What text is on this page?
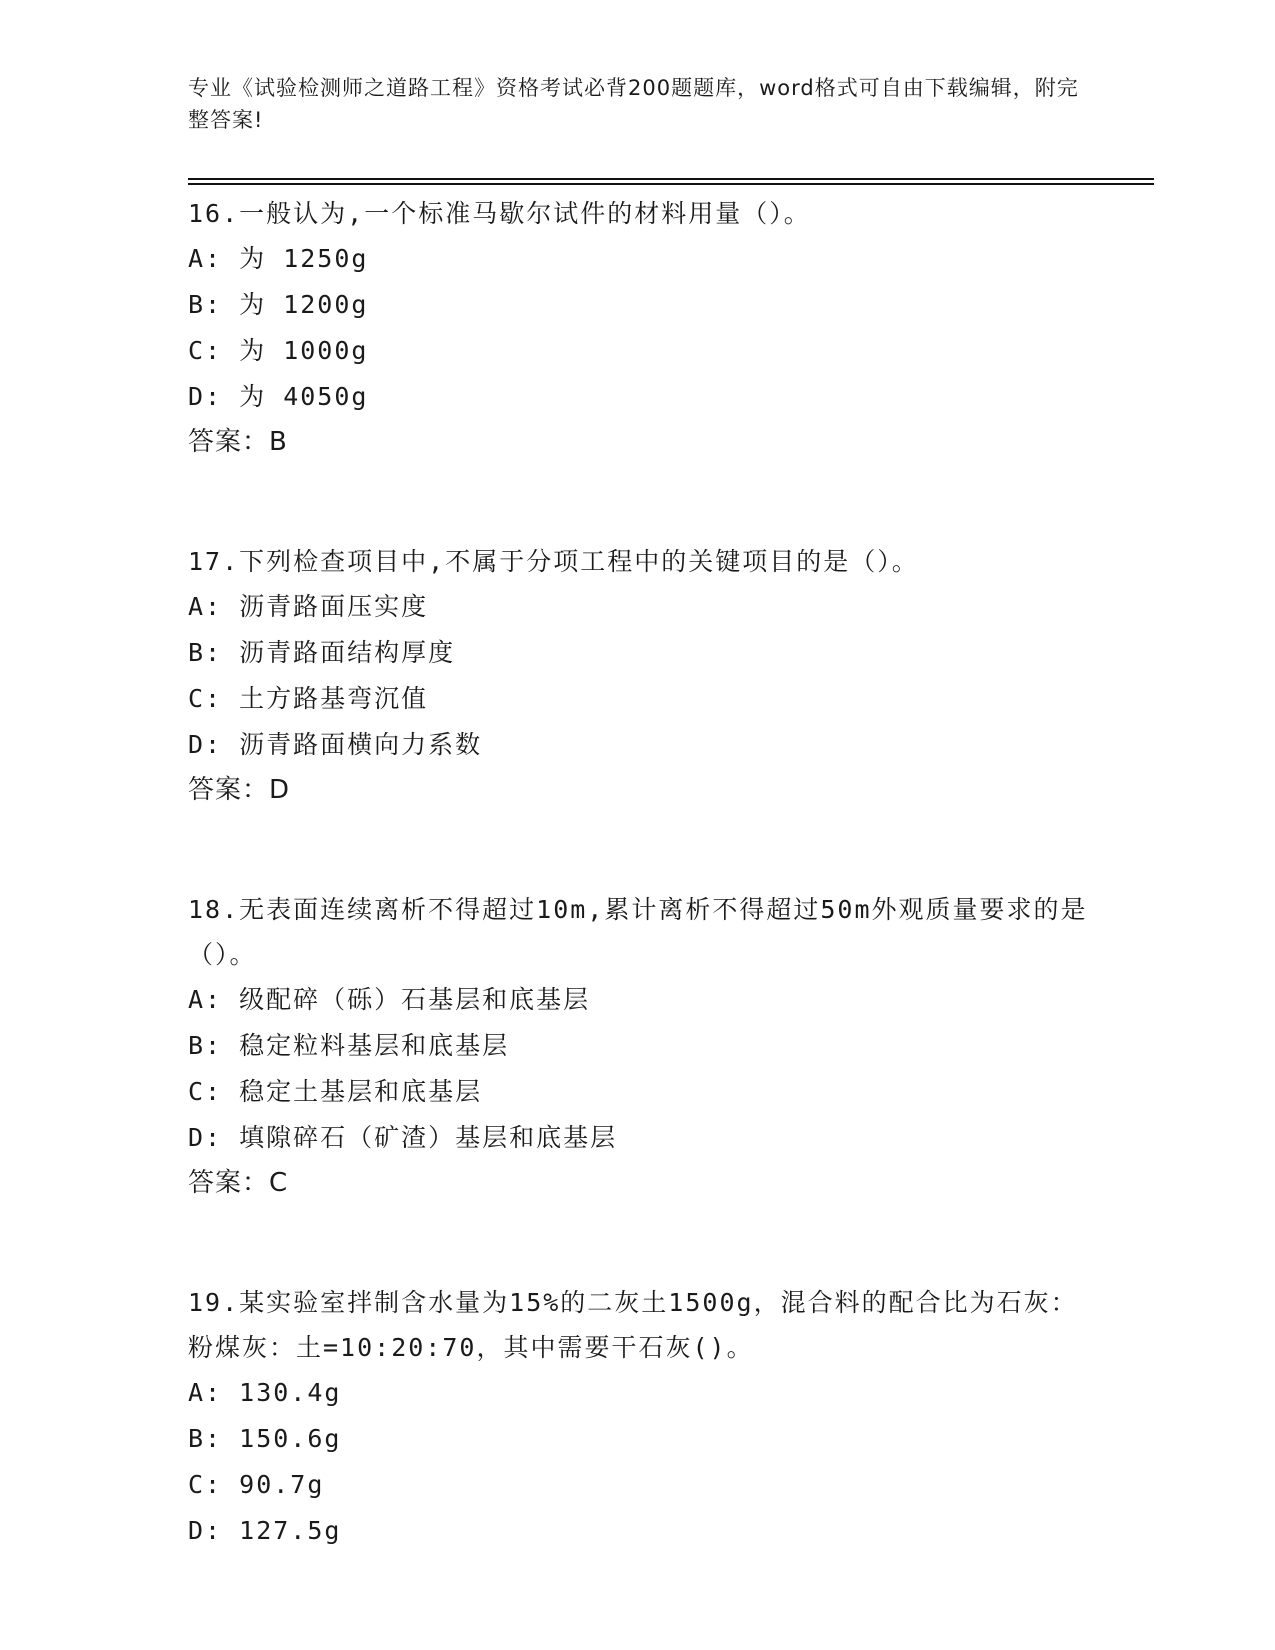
专业《试验检测师之道路工程》资格考试必背200题题库，word格式可自由下载编辑，附完整答案!
16.一般认为,一个标准马歇尔试件的材料用量（）。
A: 为 1250g
B: 为 1200g
C: 为 1000g
D: 为 4050g
答案：B
17.下列检查项目中,不属于分项工程中的关键项目的是（）。
A: 沥青路面压实度
B: 沥青路面结构厚度
C: 土方路基弯沉值
D: 沥青路面横向力系数
答案：D
18.无表面连续离析不得超过10m,累计离析不得超过50m外观质量要求的是（）。
A: 级配碎（砾）石基层和底基层
B: 稳定粒料基层和底基层
C: 稳定土基层和底基层
D: 填隙碎石（矿渣）基层和底基层
答案：C
19.某实验室拌制含水量为15%的二灰土1500g，混合料的配合比为石灰：粉煤灰：土=10:20:70，其中需要干石灰()。
A: 130.4g
B: 150.6g
C: 90.7g
D: 127.5g
